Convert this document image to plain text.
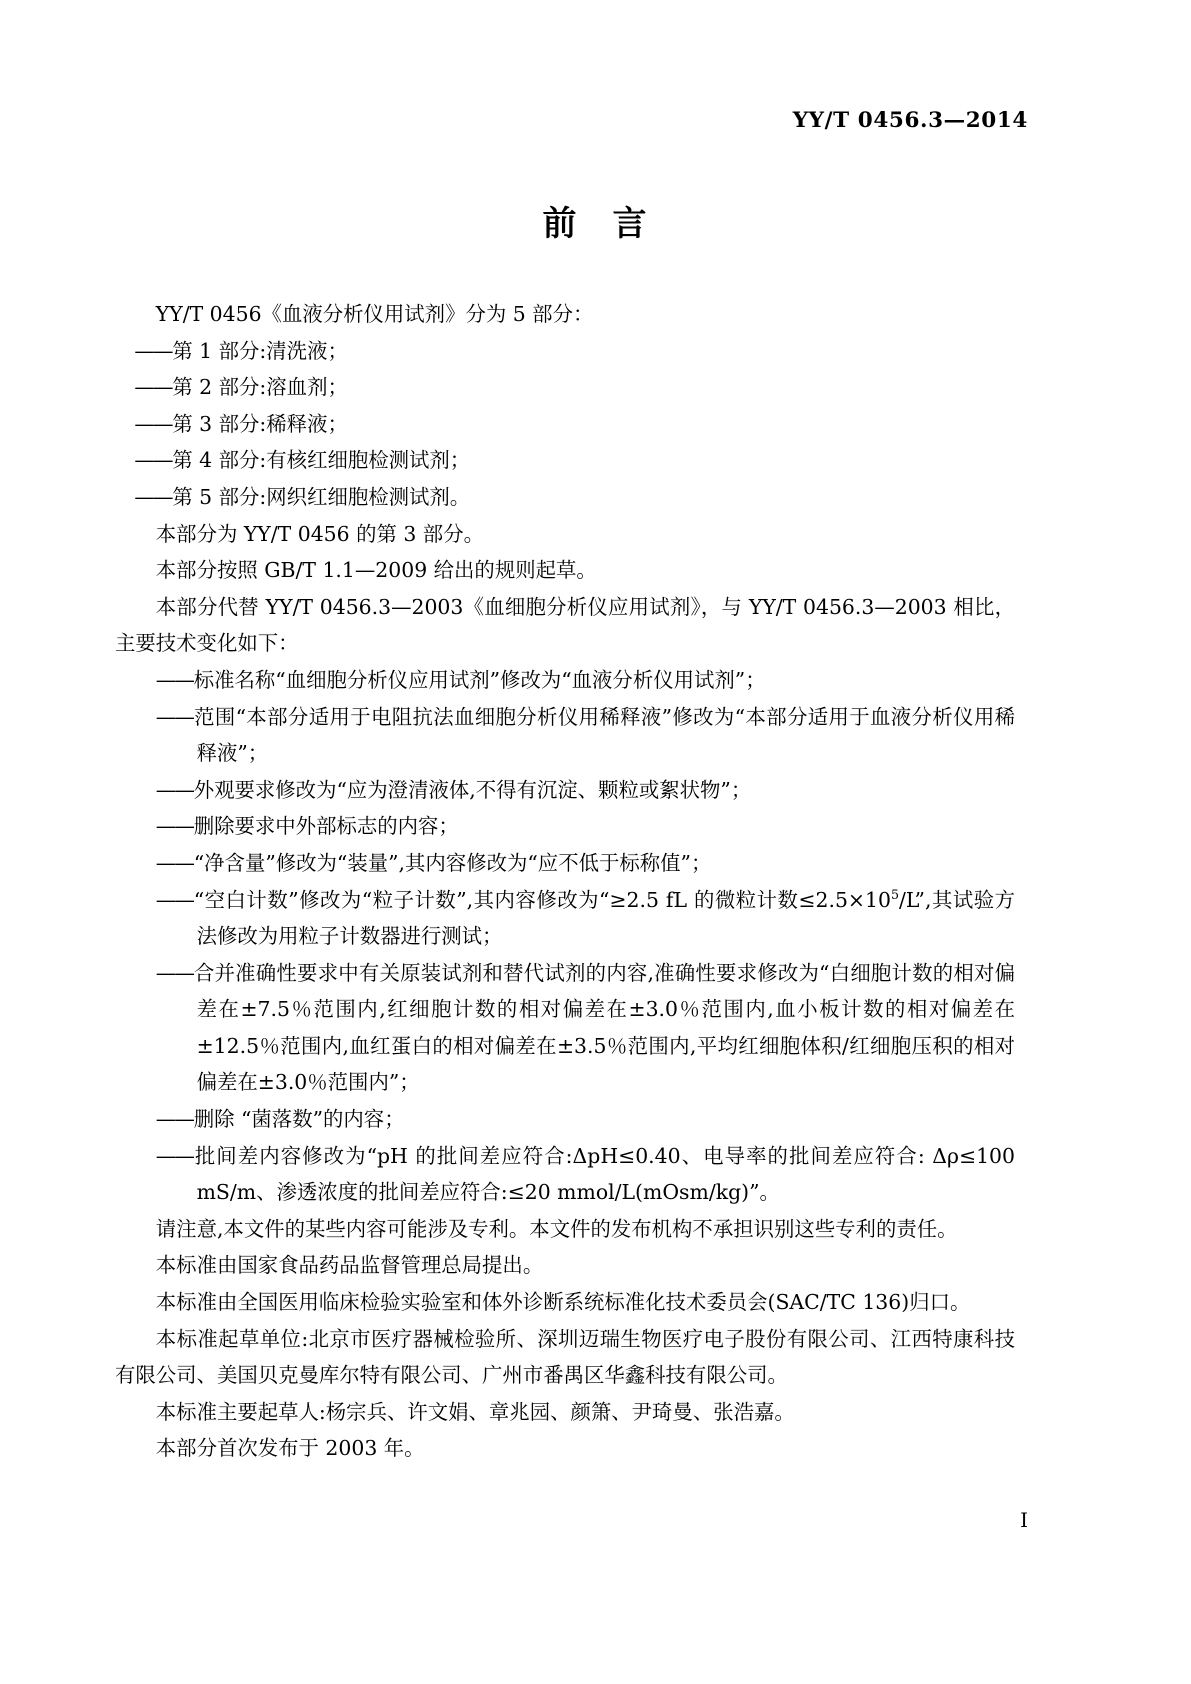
YY/T 0456.3—2014
前 言

YY/T 0456《血液分析仪用试剂》分为 5 部分：

——第 1 部分:清洗液；
——第 2 部分:溶血剂；
——第 3 部分:稀释液；
——第 4 部分:有核红细胞检测试剂；
——第 5 部分:网织红细胞检测试剂。

本部分为 YY/T 0456 的第 3 部分。

本部分按照 GB/T 1.1—2009 给出的规则起草。

本部分代替 YY/T 0456.3—2003《血细胞分析仪应用试剂》，与 YY/T 0456.3—2003 相比，主要技术变化如下：

——标准名称“血细胞分析仪应用试剂”修改为“血液分析仪用试剂”；
——范围“本部分适用于电阻抗法血细胞分析仪用稀释液”修改为“本部分适用于血液分析仪用稀释液”；
——外观要求修改为“应为澄清液体,不得有沉淀、颗粒或絮状物”；
——删除要求中外部标志的内容；
——“净含量”修改为“装量”,其内容修改为“应不低于标称值”；
——“空白计数”修改为“粒子计数”,其内容修改为“≥2.5 fL 的微粒计数$\le 2.5\times 10^5/L$”,其试验方法修改为用粒子计数器进行测试；
——合并准确性要求中有关原装试剂和替代试剂的内容,准确性要求修改为“白细胞计数的相对偏差在±7.5％范围内,红细胞计数的相对偏差在±3.0％范围内,血小板计数的相对偏差在±12.5％范围内,血红蛋白的相对偏差在±3.5％范围内,平均红细胞体积/红细胞压积的相对偏差在±3.0％范围内”；
——删除 “菌落数”的内容；
——批间差内容修改为“pH 的批间差应符合:ΔpH≤0.40、电导率的批间差应符合: Δρ≤100 mS/m、渗透浓度的批间差应符合:≤20 mmol/L(mOsm/kg)”。

请注意,本文件的某些内容可能涉及专利。本文件的发布机构不承担识别这些专利的责任。

本标准由国家食品药品监督管理总局提出。

本标准由全国医用临床检验实验室和体外诊断系统标准化技术委员会(SAC/TC 136)归口。

本标准起草单位:北京市医疗器械检验所、深圳迈瑞生物医疗电子股份有限公司、江西特康科技有限公司、美国贝克曼库尔特有限公司、广州市番禺区华鑫科技有限公司。

本标准主要起草人:杨宗兵、许文娟、章兆园、颜箫、尹琦曼、张浩嘉。

本部分首次发布于 2003 年。

I
